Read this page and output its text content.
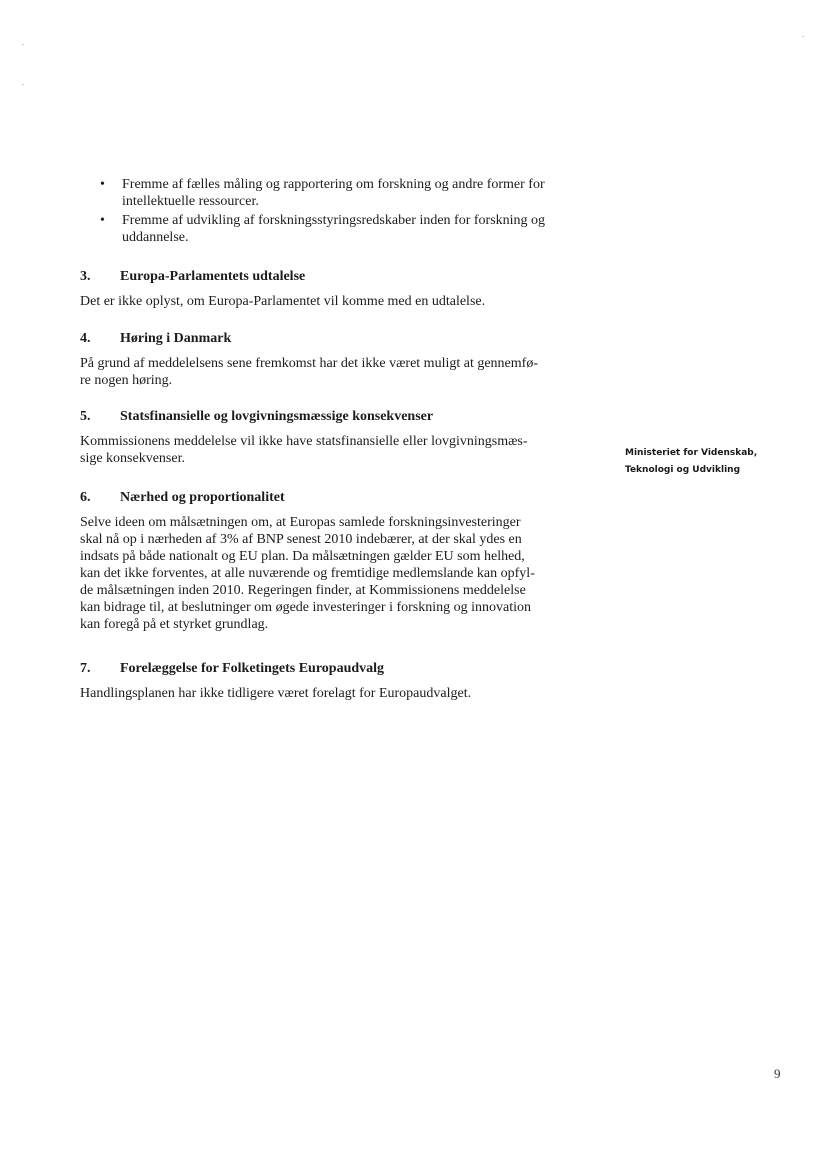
• Fremme af fælles måling og rapportering om forskning og andre former for
intellektuelle ressourcer.
• Fremme af udvikling af forskningsstyringsredskaber inden for forskning og
uddannelse.
3.	Europa-Parlamentets udtalelse

Det er ikke oplyst, om Europa-Parlamentet vil komme med en udtalelse.

4.	Høring i Danmark

På grund af meddelelsens sene fremkomst har det ikke været muligt at gennemfø-

re nogen høring.

5.	Statsfinansielle og lovgivningsmæssige konsekvenser

Kommissionens meddelelse vil ikke have statsfinansielle eller lovgivningsmæs-

sige konsekvenser.

6.	Nærhed og proportionalitet

Selve ideen om målsætningen om, at Europas samlede forskningsinvesteringer

skal nå op i nærheden af 3% af BNP senest 2010 indebærer, at der skal ydes en

indsats på både nationalt og EU plan. Da målsætningen gælder EU som helhed,

kan det ikke forventes, at alle nuværende og fremtidige medlemslande kan opfyl-

de målsætningen inden 2010. Regeringen finder, at Kommissionens meddelelse

kan bidrage til, at beslutninger om øgede investeringer i forskning og innovation

kan foregå på et styrket grundlag.

7.	Forelæggelse for Folketingets Europaudvalg

Handlingsplanen har ikke tidligere været forelagt for Europaudvalget.

Ministeriet for Videnskab,
Teknologi og Udvikling
9
